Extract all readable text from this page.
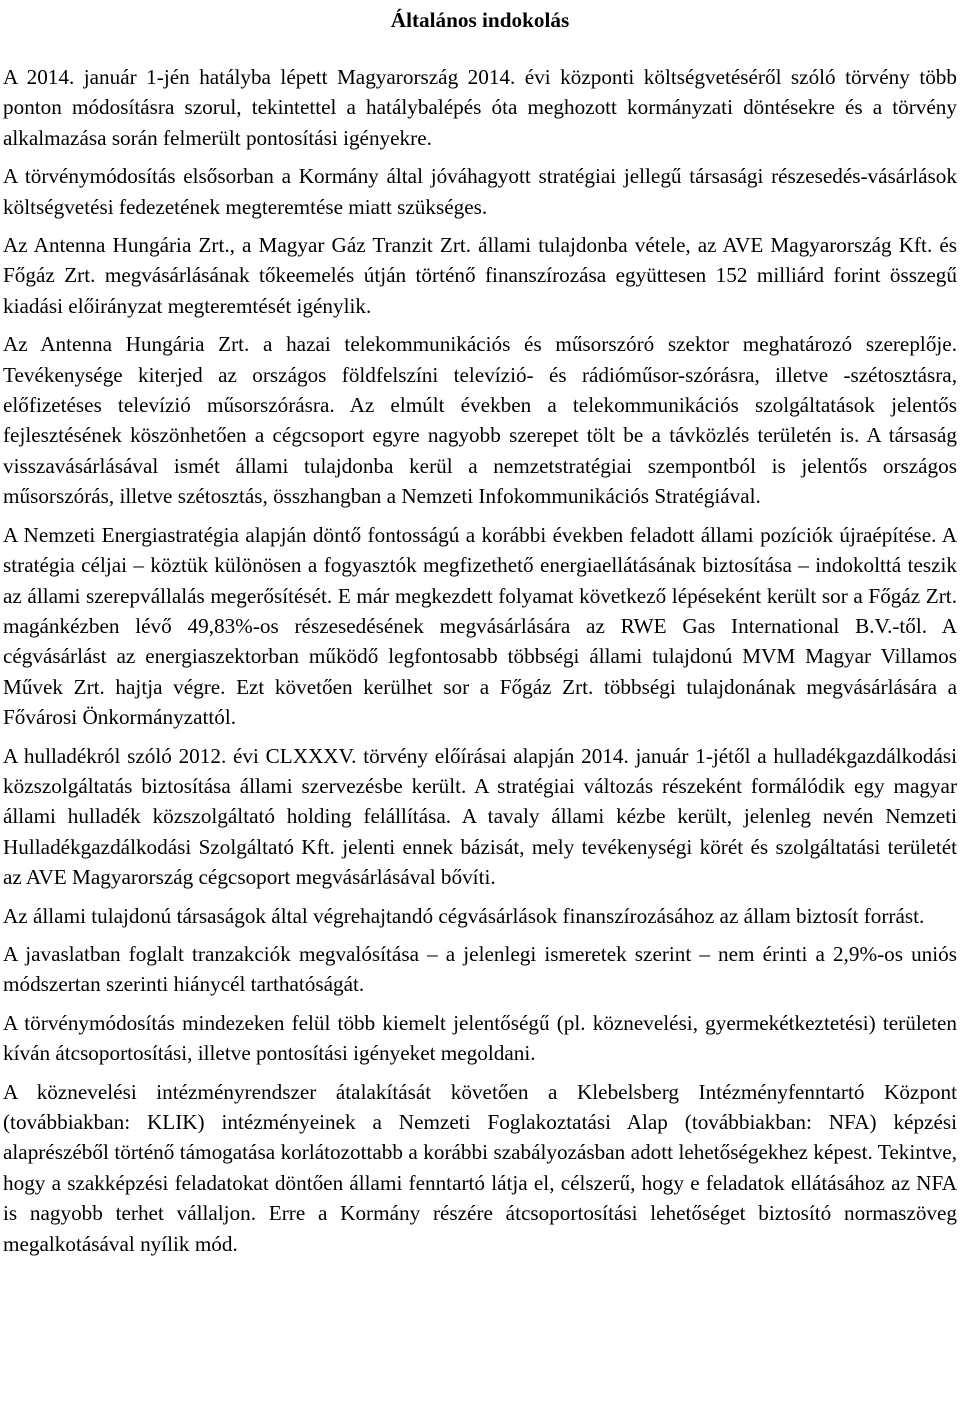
Általános indokolás

A 2014. január 1-jén hatályba lépett Magyarország 2014. évi központi költségvetéséről szóló törvény több ponton módosításra szorul, tekintettel a hatálybalépés óta meghozott kormányzati döntésekre és a törvény alkalmazása során felmerült pontosítási igényekre.

A törvénymódosítás elsősorban a Kormány által jóváhagyott stratégiai jellegű társasági részesedés-vásárlások költségvetési fedezetének megteremtése miatt szükséges.

Az Antenna Hungária Zrt., a Magyar Gáz Tranzit Zrt. állami tulajdonba vétele, az AVE Magyarország Kft. és Főgáz Zrt. megvásárlásának tőkeemelés útján történő finanszírozása együttesen 152 milliárd forint összegű kiadási előirányzat megteremtését igénylik.

Az Antenna Hungária Zrt. a hazai telekommunikációs és műsorszóró szektor meghatározó szereplője. Tevékenysége kiterjed az országos földfelszíni televízió- és rádióműsor-szórásra, illetve -szétosztásra, előfizetéses televízió műsorszórásra. Az elmúlt években a telekommunikációs szolgáltatások jelentős fejlesztésének köszönhetően a cégcsoport egyre nagyobb szerepet tölt be a távközlés területén is. A társaság visszavásárlásával ismét állami tulajdonba kerül a nemzetstratégiai szempontból is jelentős országos műsorszórás, illetve szétosztás, összhangban a Nemzeti Infokommunikációs Stratégiával.

A Nemzeti Energiastratégia alapján döntő fontosságú a korábbi években feladott állami pozíciók újraépítése. A stratégia céljai – köztük különösen a fogyasztók megfizethető energiaellátásának biztosítása – indokolttá teszik az állami szerepvállalás megerősítését. E már megkezdett folyamat következő lépéseként került sor a Főgáz Zrt. magánkézben lévő 49,83%-os részesedésének megvásárlására az RWE Gas International B.V.-től. A cégvásárlást az energiaszektorban működő legfontosabb többségi állami tulajdonú MVM Magyar Villamos Művek Zrt. hajtja végre. Ezt követően kerülhet sor a Főgáz Zrt. többségi tulajdonának megvásárlására a Fővárosi Önkormányzattól.

A hulladékról szóló 2012. évi CLXXXV. törvény előírásai alapján 2014. január 1-jétől a hulladékgazdálkodási közszolgáltatás biztosítása állami szervezésbe került. A stratégiai változás részeként formálódik egy magyar állami hulladék közszolgáltató holding felállítása. A tavaly állami kézbe került, jelenleg nevén Nemzeti Hulladékgazdálkodási Szolgáltató Kft. jelenti ennek bázisát, mely tevékenységi körét és szolgáltatási területét az AVE Magyarország cégcsoport megvásárlásával bővíti.

Az állami tulajdonú társaságok által végrehajtandó cégvásárlások finanszírozásához az állam biztosít forrást.

A javaslatban foglalt tranzakciók megvalósítása – a jelenlegi ismeretek szerint – nem érinti a 2,9%-os uniós módszertan szerinti hiánycél tarthatóságát.

A törvénymódosítás mindezeken felül több kiemelt jelentőségű (pl. köznevelési, gyermekétkeztetési) területen kíván átcsoportosítási, illetve pontosítási igényeket megoldani.

A köznevelési intézményrendszer átalakítását követően a Klebelsberg Intézményfenntartó Központ (továbbiakban: KLIK) intézményeinek a Nemzeti Foglakoztatási Alap (továbbiakban: NFA) képzési alaprészéből történő támogatása korlátozottabb a korábbi szabályozásban adott lehetőségekhez képest. Tekintve, hogy a szakképzési feladatokat döntően állami fenntartó látja el, célszerű, hogy e feladatok ellátásához az NFA is nagyobb terhet vállaljon. Erre a Kormány részére átcsoportosítási lehetőséget biztosító normaszöveg megalkotásával nyílik mód.
